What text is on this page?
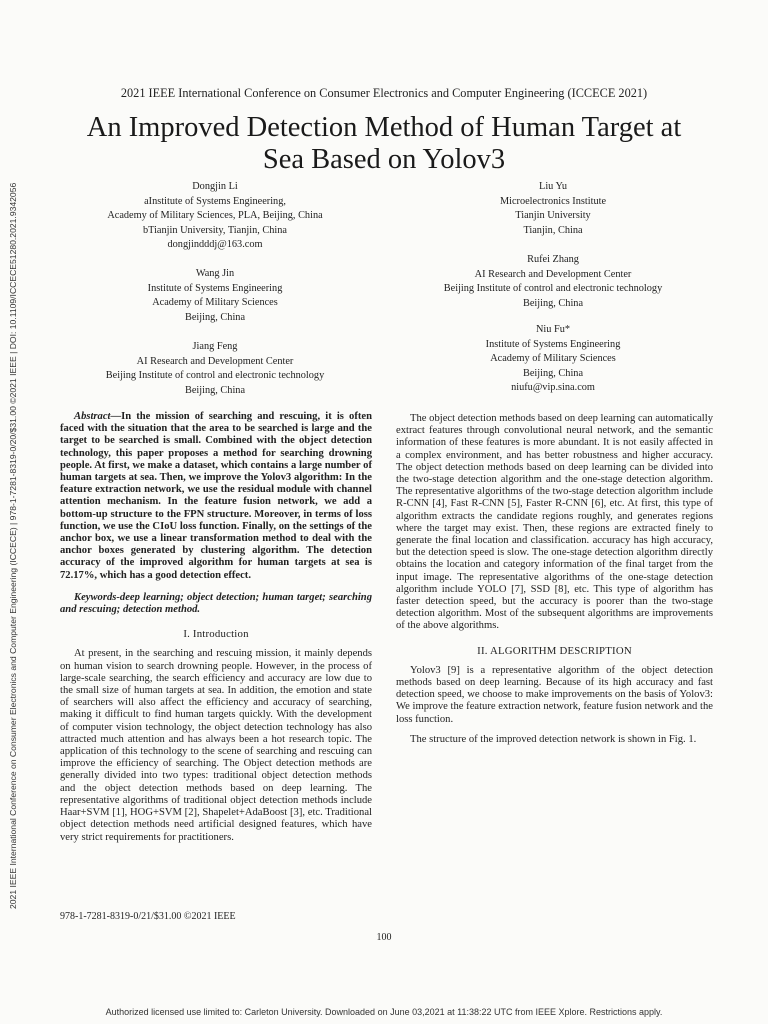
2021 IEEE International Conference on Consumer Electronics and Computer Engineering (ICCECE) | 978-1-7281-8319-0/20/$31.00 ©2021 IEEE | DOI: 10.1109/ICCECE51280.2021.9342056
2021 IEEE International Conference on Consumer Electronics and Computer Engineering (ICCECE 2021)
An Improved Detection Method of Human Target at
Sea Based on Yolov3
Dongjin Li
aInstitute of Systems Engineering,
Academy of Military Sciences, PLA, Beijing, China
bTianjin University, Tianjin, China
dongjindddj@163.com
Wang Jin
Institute of Systems Engineering
Academy of Military Sciences
Beijing, China
Jiang Feng
AI Research and Development Center
Beijing Institute of control and electronic technology
Beijing, China
Liu Yu
Microelectronics Institute
Tianjin University
Tianjin, China
Rufei Zhang
AI Research and Development Center
Beijing Institute of control and electronic technology
Beijing, China
Niu Fu*
Institute of Systems Engineering
Academy of Military Sciences
Beijing, China
niufu@vip.sina.com

Abstract—In the mission of searching and rescuing, it is often faced with the situation that the area to be searched is large and the target to be searched is small. Combined with the object detection technology, this paper proposes a method for searching drowning people. At first, we make a dataset, which contains a large number of human targets at sea. Then, we improve the Yolov3 algorithm: In the feature extraction network, we use the residual module with channel attention mechanism. In the feature fusion network, we add a bottom-up structure to the FPN structure. Moreover, in terms of loss function, we use the CIoU loss function. Finally, on the settings of the anchor box, we use a linear transformation method to deal with the anchor boxes generated by clustering algorithm. The detection accuracy of the improved algorithm for human targets at sea is 72.17%, which has a good detection effect.

Keywords-deep learning; object detection; human target; searching and rescuing; detection method.

I. Introduction

At present, in the searching and rescuing mission, it mainly depends on human vision to search drowning people. However, in the process of large-scale searching, the search efficiency and accuracy are low due to the small size of human targets at sea. In addition, the emotion and state of searchers will also affect the efficiency and accuracy of searching, making it difficult to find human targets quickly. With the development of computer vision technology, the object detection technology has also attracted much attention and has always been a hot research topic. The application of this technology to the scene of searching and rescuing can improve the efficiency of searching. The Object detection methods are generally divided into two types: traditional object detection methods and the object detection methods based on deep learning. The representative algorithms of traditional object detection methods include Haar+SVM [1], HOG+SVM [2], Shapelet+AdaBoost [3], etc. Traditional object detection methods need artificial designed features, which have very strict requirements for practitioners.

The object detection methods based on deep learning can automatically extract features through convolutional neural network, and the semantic information of these features is more abundant. It is not easily affected in a complex environment, and has better robustness and higher accuracy. The object detection methods based on deep learning can be divided into the two-stage detection algorithm and the one-stage detection algorithm. The representative algorithms of the two-stage detection algorithm include R-CNN [4], Fast R-CNN [5], Faster R-CNN [6], etc. At first, this type of algorithm extracts the candidate regions roughly, and generates regions where the target may exist. Then, these regions are extracted finely to generate the final location and classification. accuracy has high accuracy, but the detection speed is slow. The one-stage detection algorithm directly obtains the location and category information of the final target from the input image. The representative algorithms of the one-stage detection algorithm include YOLO [7], SSD [8], etc. This type of algorithm has faster detection speed, but the accuracy is poorer than the two-stage detection algorithm. Most of the subsequent algorithms are improvements of the above algorithms.

II. ALGORITHM DESCRIPTION

Yolov3 [9] is a representative algorithm of the object detection methods based on deep learning. Because of its high accuracy and fast detection speed, we choose to make improvements on the basis of Yolov3: We improve the feature extraction network, feature fusion network and the loss function.

The structure of the improved detection network is shown in Fig. 1.

978-1-7281-8319-0/21/$31.00 ©2021 IEEE
100
Authorized licensed use limited to: Carleton University. Downloaded on June 03,2021 at 11:38:22 UTC from IEEE Xplore. Restrictions apply.
